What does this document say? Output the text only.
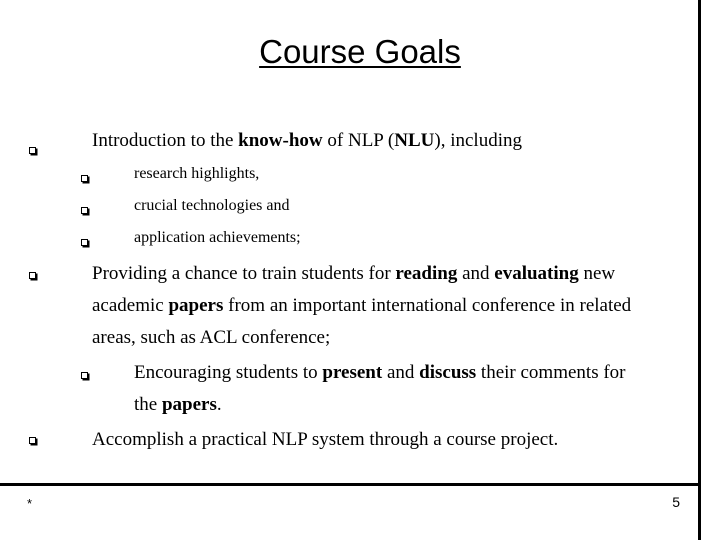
Course Goals
Introduction to the know-how of NLP (NLU), including
research highlights,
crucial technologies and
application achievements;
Providing a chance to train students for reading and evaluating new
academic papers from an important international conference in related
areas, such as ACL conference;
Encouraging students to present and discuss their comments for
the papers.
Accomplish a practical NLP system through a course project.
*	5
